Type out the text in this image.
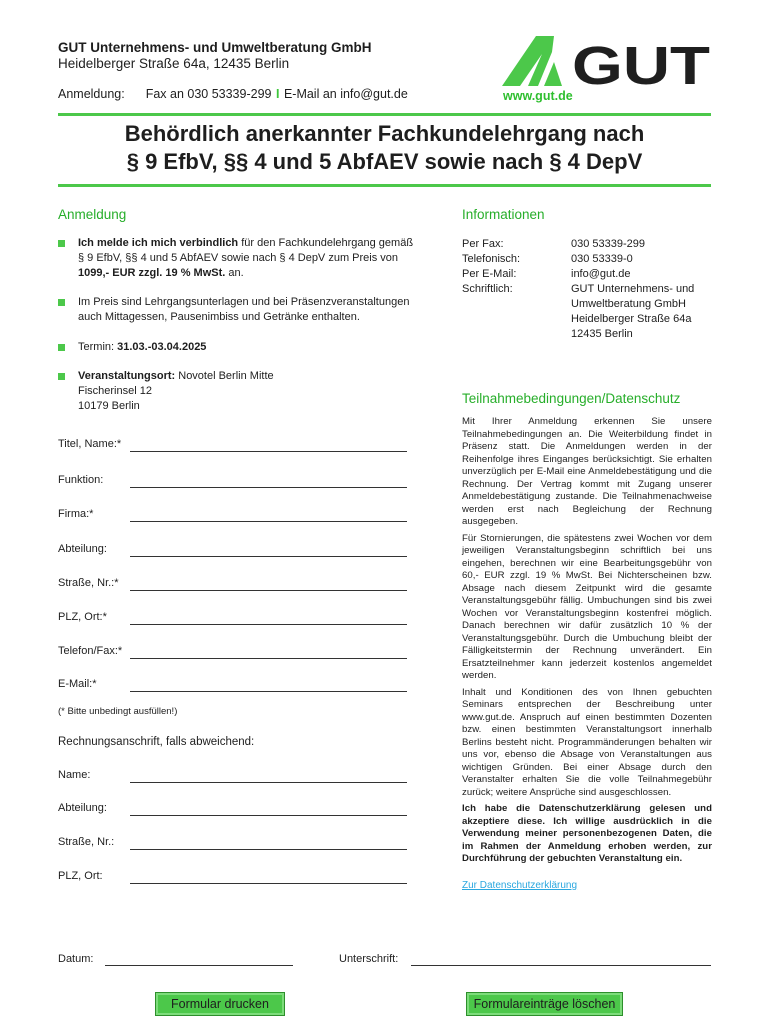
GUT Unternehmens- und Umweltberatung GmbH
Heidelberger Straße 64a, 12435 Berlin
Anmeldung: Fax an 030 53339-299 I E-Mail an info@gut.de	GUT
www.gut.de
Behördlich anerkannter Fachkundelehrgang nach
§ 9 EfbV, §§ 4 und 5 AbfAEV sowie nach § 4 DepV
Anmeldung
Ich melde ich mich verbindlich für den Fachkundelehrgang gemäß
§ 9 EfbV, §§ 4 und 5 AbfAEV sowie nach § 4 DepV zum Preis von
1099,- EUR zzgl. 19 % MwSt. an.
Im Preis sind Lehrgangsunterlagen und bei Präsenzveranstaltungen
auch Mittagessen, Pausenimbiss und Getränke enthalten.
Termin: 31.03.-03.04.2025
Veranstaltungsort: Novotel Berlin Mitte
Fischerinsel 12
10179 Berlin
Titel, Name:*
Funktion:
Firma:*
Abteilung:
Straße, Nr.:*
PLZ, Ort:*
Telefon/Fax:*
E-Mail:*
(* Bitte unbedingt ausfüllen!)
Rechnungsanschrift, falls abweichend:
Name:
Abteilung:
Straße, Nr.:
PLZ, Ort:
Datum:	Unterschrift:
Informationen
Per Fax:	030 53339-299
Telefonisch:	030 53339-0
Per E-Mail:	info@gut.de
Schriftlich:	GUT Unternehmens- und
Umweltberatung GmbH
Heidelberger Straße 64a
12435 Berlin
Teilnahmebedingungen/Datenschutz

Mit Ihrer Anmeldung erkennen Sie unsere Teilnahmebedingungen an. Die Weiterbildung findet in Präsenz statt. Die Anmeldungen werden in der Reihenfolge ihres Einganges berücksichtigt. Sie erhalten unverzüglich per E-Mail eine Anmeldebestätigung und die Rechnung. Der Vertrag kommt mit Zugang unserer Anmeldebestätigung zustande. Die Teilnahmenachweise werden erst nach Begleichung der Rechnung ausgegeben.

Für Stornierungen, die spätestens zwei Wochen vor dem jeweiligen Veranstaltungsbeginn schriftlich bei uns eingehen, berechnen wir eine Bearbeitungsgebühr von 60,- EUR zzgl. 19 % MwSt. Bei Nichterscheinen bzw. Absage nach diesem Zeitpunkt wird die gesamte Veranstaltungsgebühr fällig. Umbuchungen sind bis zwei Wochen vor Veranstaltungsbeginn kostenfrei möglich. Danach berechnen wir dafür zusätzlich 10 % der Veranstaltungsgebühr. Durch die Umbuchung bleibt der Fälligkeitstermin der Rechnung unverändert. Ein Ersatzteilnehmer kann jederzeit kostenlos angemeldet werden.

Inhalt und Konditionen des von Ihnen gebuchten Seminars entsprechen der Beschreibung unter www.gut.de. Anspruch auf einen bestimmten Dozenten bzw. einen bestimmten Veranstaltungsort innerhalb Berlins besteht nicht. Programmänderungen behalten wir uns vor, ebenso die Absage von Veranstaltungen aus wichtigen Gründen. Bei einer Absage durch den Veranstalter erhalten Sie die volle Teilnahmegebühr zurück; weitere Ansprüche sind ausgeschlossen.

Ich habe die Datenschutzerklärung gelesen und akzeptiere diese. Ich willige ausdrücklich in die Verwendung meiner personenbezogenen Daten, die im Rahmen der Anmeldung erhoben werden, zur Durchführung der gebuchten Veranstaltung ein.

Zur Datenschutzerklärung
Formular drucken	Formulareinträge löschen
